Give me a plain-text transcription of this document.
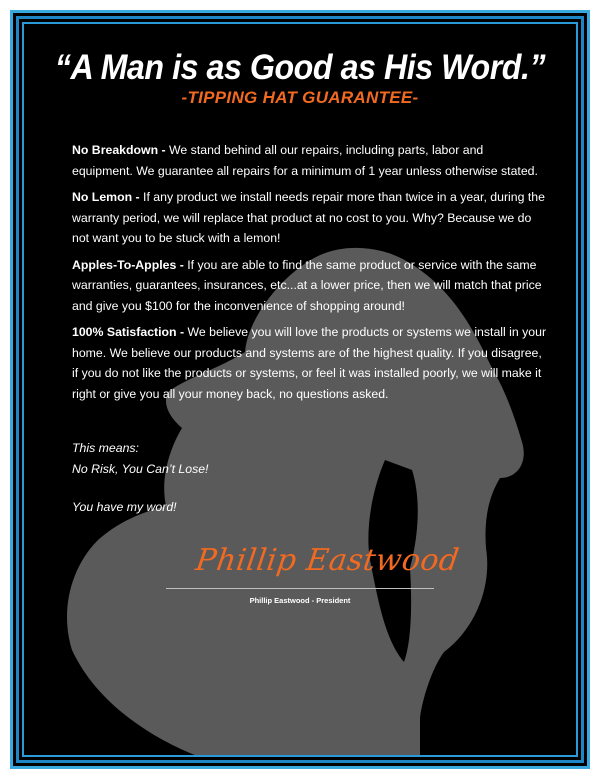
“A Man is as Good as His Word.”
-TIPPING HAT GUARANTEE-

No Breakdown - We stand behind all our repairs, including parts, labor and equipment. We guarantee all repairs for a minimum of 1 year unless otherwise stated.

No Lemon - If any product we install needs repair more than twice in a year, during the warranty period, we will replace that product at no cost to you. Why? Because we do not want you to be stuck with a lemon!

Apples-To-Apples - If you are able to find the same product or service with the same warranties, guarantees, insurances, etc...at a lower price, then we will match that price and give you $100 for the inconvenience of shopping around!

100% Satisfaction - We believe you will love the products or systems we install in your home. We believe our products and systems are of the highest quality. If you disagree, if you do not like the products or systems, or feel it was installed poorly, we will make it right or give you all your money back, no questions asked.

This means:

No Risk, You Can’t Lose!

You have my word!
Phillip Eastwood
Phillip Eastwood - President
